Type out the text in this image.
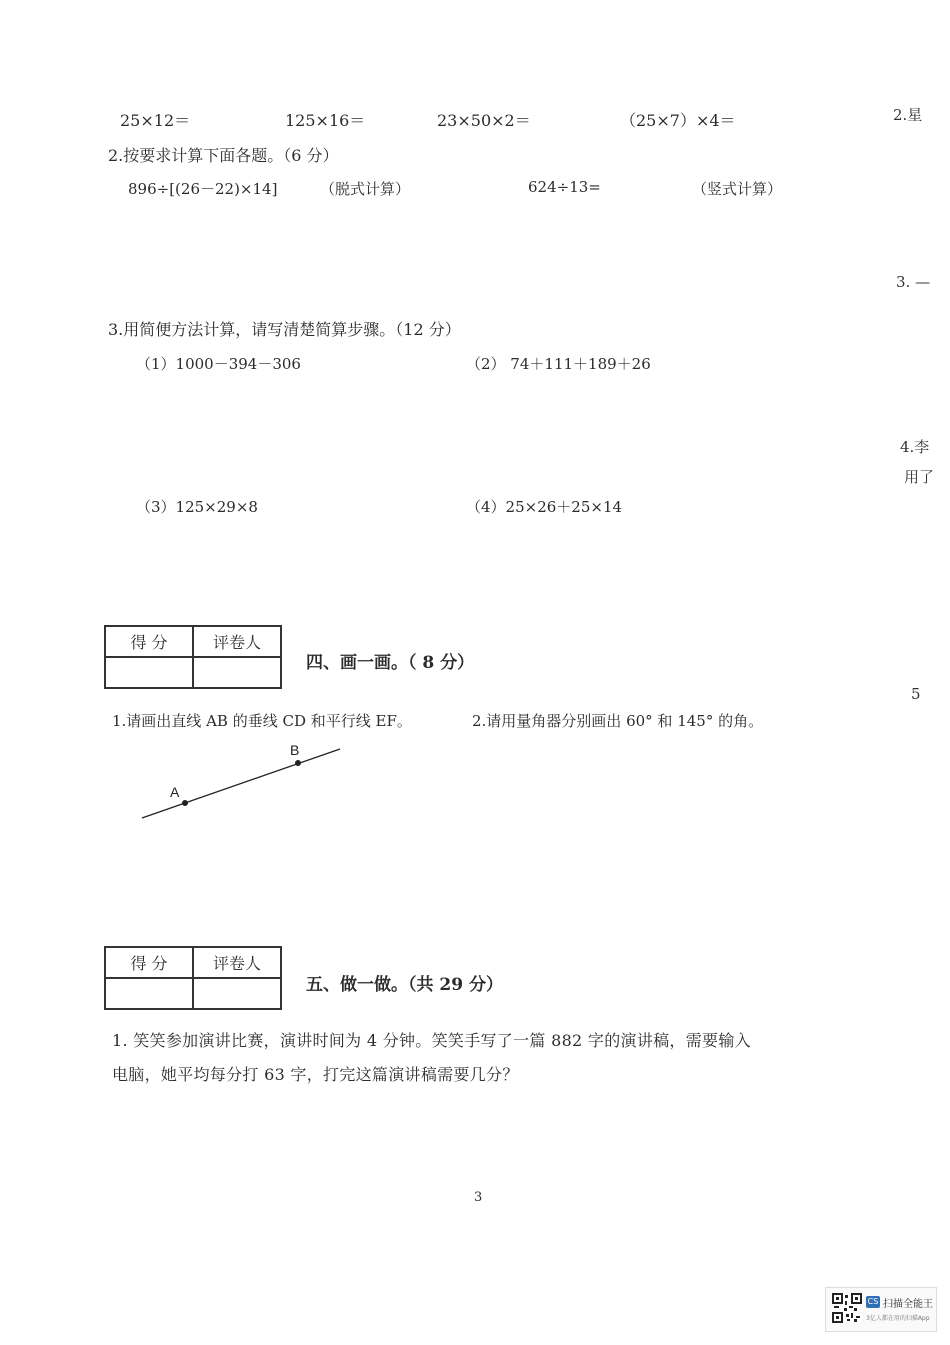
25×12＝	125×16＝	23×50×2＝	（25×7）×4＝
2.按要求计算下面各题。（6 分）
896÷[(26－22)×14]	（脱式计算）	624÷13=	（竖式计算）
3.用简便方法计算，请写清楚简算步骤。（12 分）
（1）1000－394－306	（2） 74＋111＋189＋26
（3）125×29×8	（4）25×26＋25×14
得 分	评卷人

四、画一画。（ 8 分）
1.请画出直线 AB 的垂线 CD 和平行线 EF。	2.请用量角器分别画出 60° 和 145° 的角。
A
B
得 分	评卷人

五、做一做。（共 29 分）
1. 笑笑参加演讲比赛，演讲时间为 4 分钟。笑笑手写了一篇 882 字的演讲稿，需要输入
电脑，她平均每分打 63 字，打完这篇演讲稿需要几分？
3
2.星
3. —
4.李
用了
5
CS 扫描全能王
3亿人都在用的扫描App
